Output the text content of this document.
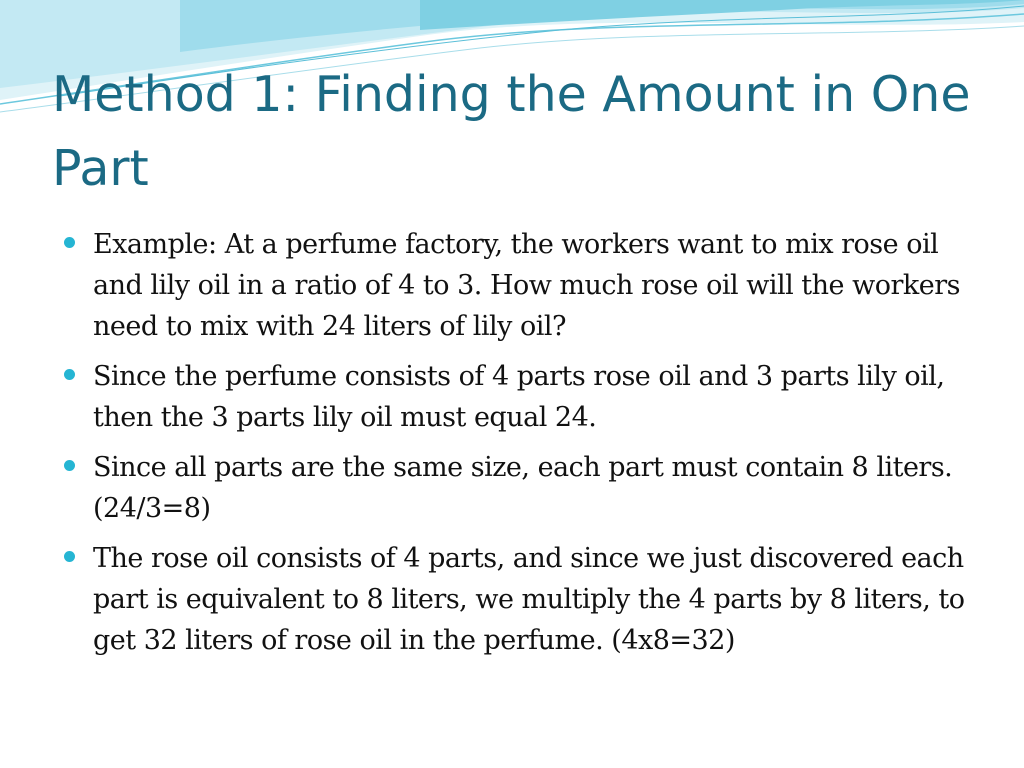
Method 1: Finding the Amount in One Part
Example: At a perfume factory, the workers want to mix rose oil and lily oil in a ratio of 4 to 3. How much rose oil will the workers need to mix with 24 liters of lily oil?
Since the perfume consists of 4 parts rose oil and 3 parts lily oil, then the 3 parts lily oil must equal 24.
Since all parts are the same size, each part must contain 8 liters. (24/3=8)
The rose oil consists of 4 parts, and since we just discovered each part is equivalent to 8 liters, we multiply the 4 parts by 8 liters, to get 32 liters of rose oil in the perfume. (4x8=32)
